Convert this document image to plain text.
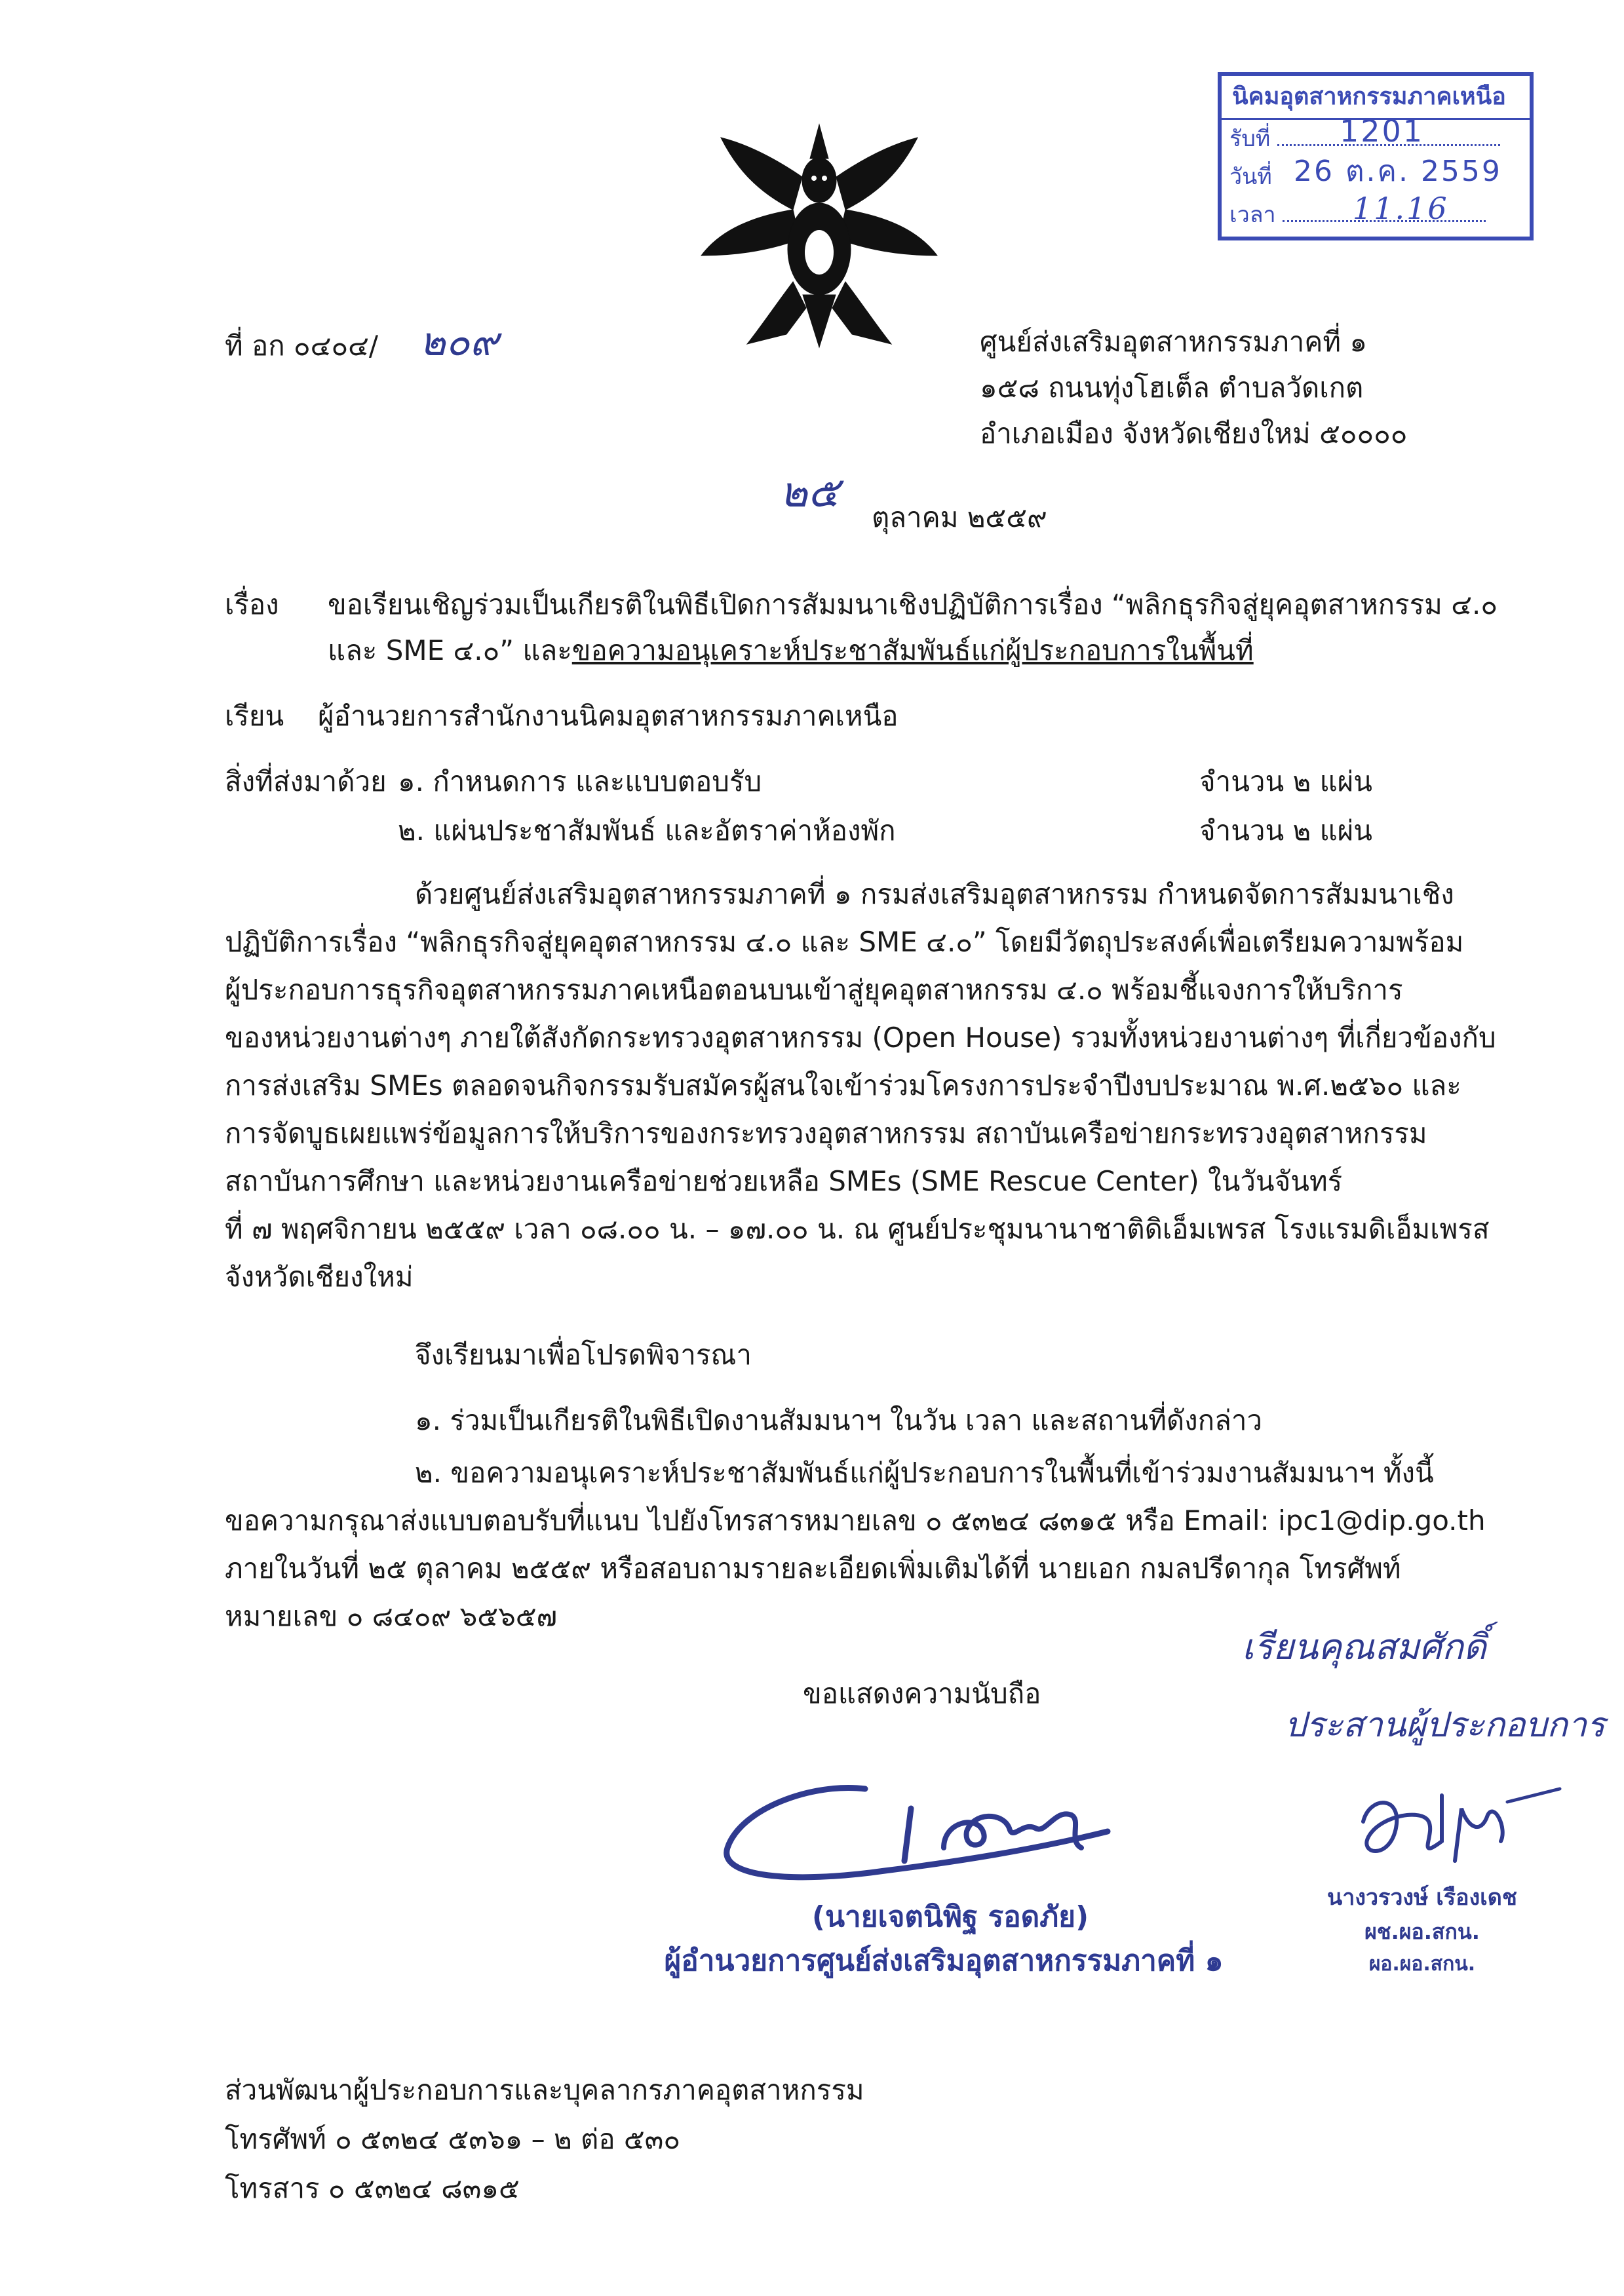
นิคมอุตสาหกรรมภาคเหนือ
รับที่ 1201
วันที่ 26 ต.ค. 2559
เวลา	11.16
ที่ อก ๐๔๐๔/ ๒๐๙	ศูนย์ส่งเสริมอุตสาหกรรมภาคที่ ๑
๑๕๘ ถนนทุ่งโฮเต็ล ตำบลวัดเกต
อำเภอเมือง จังหวัดเชียงใหม่ ๕๐๐๐๐
๒๕
ตุลาคม ๒๕๕๙
เรื่อง ขอเรียนเชิญร่วมเป็นเกียรติในพิธีเปิดการสัมมนาเชิงปฏิบัติการเรื่อง “พลิกธุรกิจสู่ยุคอุตสาหกรรม ๔.๐
และ SME ๔.๐” และขอความอนุเคราะห์ประชาสัมพันธ์แก่ผู้ประกอบการในพื้นที่
เรียน ผู้อำนวยการสำนักงานนิคมอุตสาหกรรมภาคเหนือ
สิ่งที่ส่งมาด้วย ๑. กำหนดการ และแบบตอบรับ	จำนวน ๒ แผ่น
๒. แผ่นประชาสัมพันธ์ และอัตราค่าห้องพัก	จำนวน ๒ แผ่น
ด้วยศูนย์ส่งเสริมอุตสาหกรรมภาคที่ ๑ กรมส่งเสริมอุตสาหกรรม กำหนดจัดการสัมมนาเชิง
ปฏิบัติการเรื่อง “พลิกธุรกิจสู่ยุคอุตสาหกรรม ๔.๐ และ SME ๔.๐” โดยมีวัตถุประสงค์เพื่อเตรียมความพร้อม
ผู้ประกอบการธุรกิจอุตสาหกรรมภาคเหนือตอนบนเข้าสู่ยุคอุตสาหกรรม ๔.๐ พร้อมชี้แจงการให้บริการ
ของหน่วยงานต่างๆ ภายใต้สังกัดกระทรวงอุตสาหกรรม (Open House) รวมทั้งหน่วยงานต่างๆ ที่เกี่ยวข้องกับ
การส่งเสริม SMEs ตลอดจนกิจกรรมรับสมัครผู้สนใจเข้าร่วมโครงการประจำปีงบประมาณ พ.ศ.๒๕๖๐ และ
การจัดบูธเผยแพร่ข้อมูลการให้บริการของกระทรวงอุตสาหกรรม สถาบันเครือข่ายกระทรวงอุตสาหกรรม
สถาบันการศึกษา และหน่วยงานเครือข่ายช่วยเหลือ SMEs (SME Rescue Center) ในวันจันทร์
ที่ ๗ พฤศจิกายน ๒๕๕๙ เวลา ๐๘.๐๐ น. – ๑๗.๐๐ น. ณ ศูนย์ประชุมนานาชาติดิเอ็มเพรส โรงแรมดิเอ็มเพรส
จังหวัดเชียงใหม่
จึงเรียนมาเพื่อโปรดพิจารณา
๑. ร่วมเป็นเกียรติในพิธีเปิดงานสัมมนาฯ ในวัน เวลา และสถานที่ดังกล่าว
๒. ขอความอนุเคราะห์ประชาสัมพันธ์แก่ผู้ประกอบการในพื้นที่เข้าร่วมงานสัมมนาฯ ทั้งนี้
ขอความกรุณาส่งแบบตอบรับที่แนบ ไปยังโทรสารหมายเลข ๐ ๕๓๒๔ ๘๓๑๕ หรือ Email: ipc1@dip.go.th
ภายในวันที่ ๒๕ ตุลาคม ๒๕๕๙ หรือสอบถามรายละเอียดเพิ่มเติมได้ที่ นายเอก กมลปรีดากุล โทรศัพท์
หมายเลข ๐ ๘๔๐๙ ๖๕๖๕๗
ขอแสดงความนับถือ
(นายเจตนิพิฐ รอดภัย)
ผู้อำนวยการศูนย์ส่งเสริมอุตสาหกรรมภาคที่ ๑
เรียนคุณสมศักดิ์
ประสานผู้ประกอบการ
นางวรวงษ์ เรืองเดช
ผช.ผอ.สกน.
ผอ.ผอ.สกน.
ส่วนพัฒนาผู้ประกอบการและบุคลากรภาคอุตสาหกรรม
โทรศัพท์ ๐ ๕๓๒๔ ๕๓๖๑ – ๒ ต่อ ๕๓๐
โทรสาร ๐ ๕๓๒๔ ๘๓๑๕
